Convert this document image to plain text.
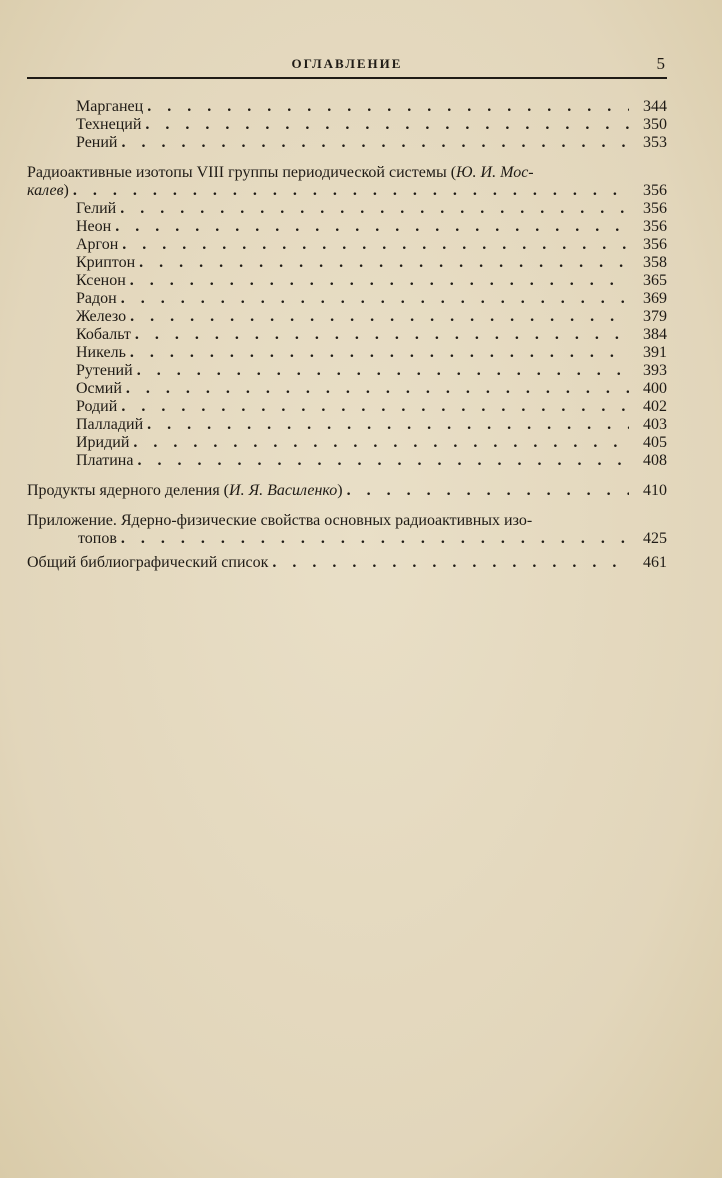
ОГЛАВЛЕНИЕ	5
Марганец . . .	344
Технеций . . .	350
Рений . . .	353
Радиоактивные изотопы VIII группы периодической системы (Ю. И. Мос-
калев) . . .	356
Гелий . . .	356
Неон . . .	356
Аргон . . .	356
Криптон . . .	358
Ксенон . . .	365
Радон . . .	369
Железо . . .	379
Кобальт . . .	384
Никель . . .	391
Рутений . . .	393
Осмий . . .	400
Родий . . .	402
Палладий . . .	403
Иридий . . .	405
Платина . . .	408
Продукты ядерного деления (И. Я. Василенко) . . .	410
Приложение. Ядерно-физические свойства основных радиоактивных изо-
топов . . .	425
Общий библиографический список . . .	461
